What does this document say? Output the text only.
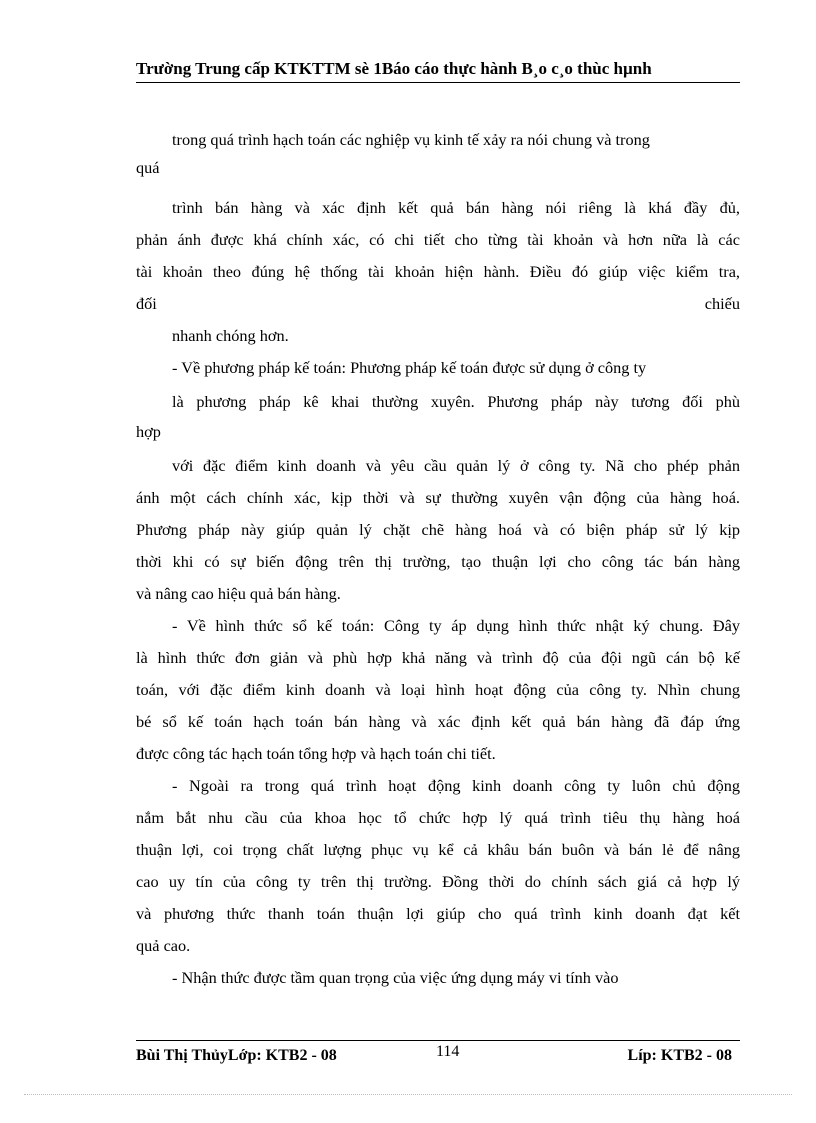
Trường Trung cấp KTKTTM sè 1Báo cáo thực hành B¸o c¸o thùc hµnh
trong quá trình hạch toán các nghiệp vụ kinh tế xảy ra nói chung và trong
quá
trình bán hàng và xác định kết quả bán hàng nói riêng là khá đầy đủ,
phản ánh được khá chính xác, có chi tiết cho từng tài khoản và hơn nữa là các
tài khoản theo đúng hệ thống tài khoản hiện hành. Điều đó giúp việc kiểm tra,
đối chiếu
nhanh chóng hơn.
- Về phương pháp kế toán: Phương pháp kế toán được sử dụng ở công ty
là phương pháp kê khai thường xuyên. Phương pháp này tương đối phù
hợp
với đặc điểm kinh doanh và yêu cầu quản lý ở công ty. Nã cho phép phản
ánh một cách chính xác, kịp thời và sự thường xuyên vận động của hàng hoá.
Phương pháp này giúp quản lý chặt chẽ hàng hoá và có biện pháp sử lý kịp
thời khi có sự biến động trên thị trường, tạo thuận lợi cho công tác bán hàng
và nâng cao hiệu quả bán hàng.
- Về hình thức sổ kế toán: Công ty áp dụng hình thức nhật ký chung. Đây
là hình thức đơn giản và phù hợp khả năng và trình độ của đội ngũ cán bộ kế
toán, với đặc điểm kinh doanh và loại hình hoạt động của công ty. Nhìn chung
bé sổ kế toán hạch toán bán hàng và xác định kết quả bán hàng đã đáp ứng
được công tác hạch toán tổng hợp và hạch toán chi tiết.
- Ngoài ra trong quá trình hoạt động kinh doanh công ty luôn chủ động
nắm bắt nhu cầu của khoa học tổ chức hợp lý quá trình tiêu thụ hàng hoá
thuận lợi, coi trọng chất lượng phục vụ kể cả khâu bán buôn và bán lẻ để nâng
cao uy tín của công ty trên thị trường. Đồng thời do chính sách giá cả hợp lý
và phương thức thanh toán thuận lợi giúp cho quá trình kinh doanh đạt kết
quả cao.
- Nhận thức được tầm quan trọng của việc ứng dụng máy vi tính vào
Bùi Thị ThủyLớp: KTB2 - 08	114	Líp: KTB2 - 08
